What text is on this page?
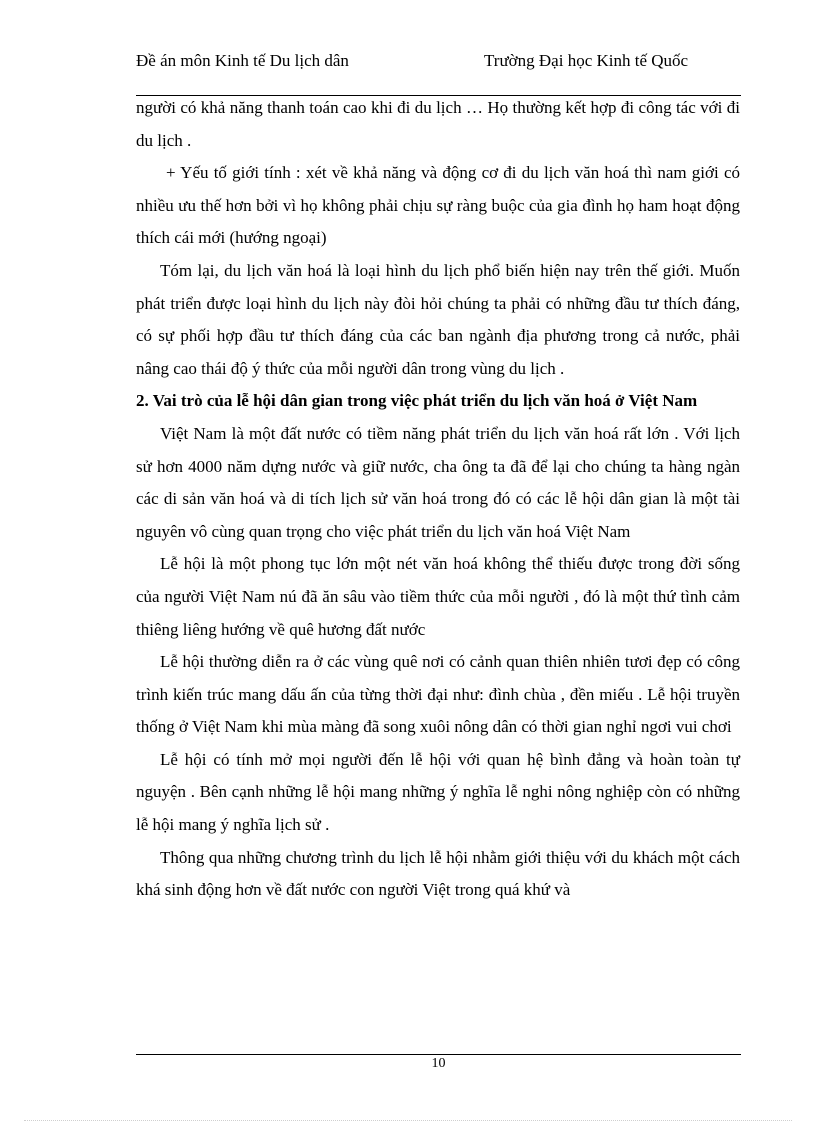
Đề án môn Kinh tế Du lịch dân	Trường Đại học Kinh tế Quốc

người có khả năng thanh toán cao khi đi du lịch … Họ thường kết hợp đi công tác với đi du lịch .

+ Yếu tố giới tính : xét về khả năng và động cơ đi du lịch văn hoá thì nam giới có nhiều ưu thế hơn bởi vì họ không phải chịu sự ràng buộc của gia đình họ ham hoạt động thích cái mới (hướng ngoại)

Tóm lại, du lịch văn hoá là loại hình du lịch phổ biến hiện nay trên thế giới. Muốn phát triển được loại hình du lịch này đòi hỏi chúng ta phải có những đầu tư thích đáng, có sự phối hợp đầu tư thích đáng của các ban ngành địa phương trong cả nước, phải nâng cao thái độ ý thức của mỗi người dân trong vùng du lịch .

2. Vai trò của lễ hội dân gian trong việc phát triển du lịch văn hoá ở Việt Nam

Việt Nam là một đất nước có tiềm năng phát triển du lịch văn hoá rất lớn . Với lịch sử hơn 4000 năm dựng nước và giữ nước, cha ông ta đã để lại cho chúng ta hàng ngàn các di sản văn hoá và di tích lịch sử văn hoá trong đó có các lễ hội dân gian là một tài nguyên vô cùng quan trọng cho việc phát triển du lịch văn hoá Việt Nam

Lễ hội là một phong tục lớn một nét văn hoá không thể thiếu được trong đời sống của người Việt Nam nú đã ăn sâu vào tiềm thức của mỗi người , đó là một thứ tình cảm thiêng liêng hướng về quê hương đất nước

Lễ hội thường diễn ra ở các vùng quê nơi có cảnh quan thiên nhiên tươi đẹp có công trình kiến trúc mang dấu ấn của từng thời đại như: đình chùa , đền miếu . Lễ hội truyền thống ở Việt Nam khi mùa màng đã song xuôi nông dân có thời gian nghỉ ngơi vui chơi

Lễ hội có tính mở mọi người đến lễ hội với quan hệ bình đẳng và hoàn toàn tự nguyện . Bên cạnh những lễ hội mang những ý nghĩa lễ nghi nông nghiệp còn có những lễ hội mang ý nghĩa lịch sử .

Thông qua những chương trình du lịch lễ hội nhằm giới thiệu với du khách một cách khá sinh động hơn về đất nước con người Việt trong quá khứ và

10
